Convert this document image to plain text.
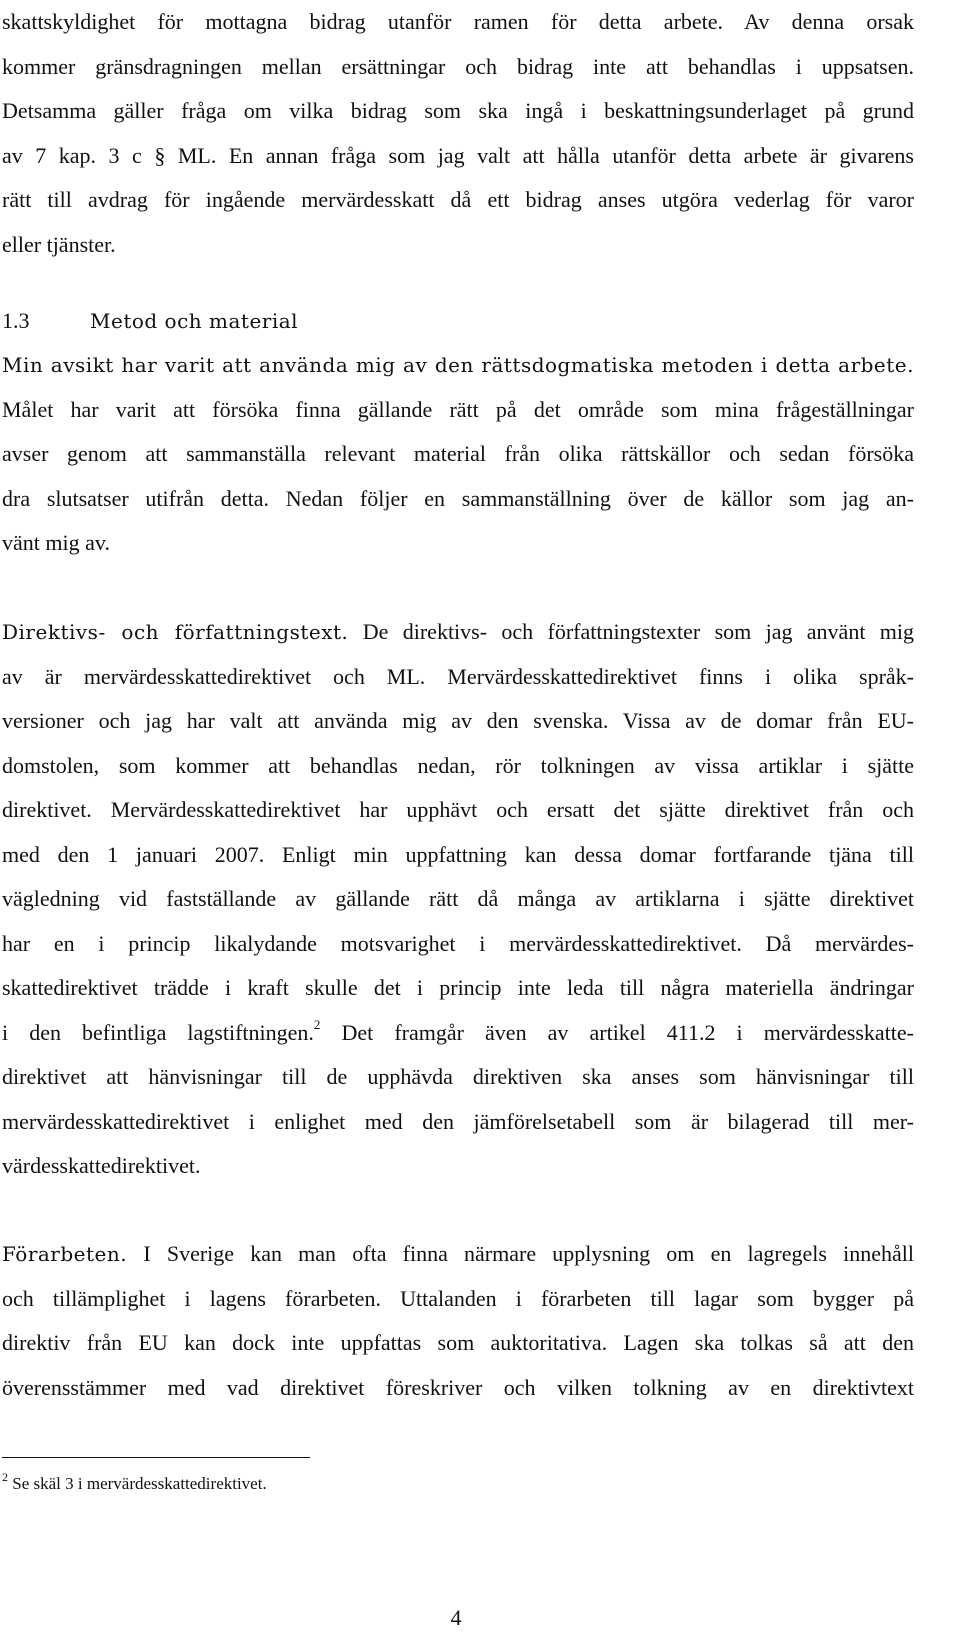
skattskyldighet för mottagna bidrag utanför ramen för detta arbete. Av denna orsak
kommer gränsdragningen mellan ersättningar och bidrag inte att behandlas i uppsatsen.
Detsamma gäller fråga om vilka bidrag som ska ingå i beskattningsunderlaget på grund
av 7 kap. 3 c § ML. En annan fråga som jag valt att hålla utanför detta arbete är givarens
rätt till avdrag för ingående mervärdesskatt då ett bidrag anses utgöra vederlag för varor
eller tjänster.
1.3	Metod och material
Min avsikt har varit att använda mig av den rättsdogmatiska metoden i detta arbete.
Målet har varit att försöka finna gällande rätt på det område som mina frågeställningar
avser genom att sammanställa relevant material från olika rättskällor och sedan försöka
dra slutsatser utifrån detta. Nedan följer en sammanställning över de källor som jag an-
vänt mig av.
Direktivs- och författningstext. De direktivs- och författningstexter som jag använt mig
av är mervärdesskattedirektivet och ML. Mervärdesskattedirektivet finns i olika språk-
versioner och jag har valt att använda mig av den svenska. Vissa av de domar från EU-
domstolen, som kommer att behandlas nedan, rör tolkningen av vissa artiklar i sjätte
direktivet. Mervärdesskattedirektivet har upphävt och ersatt det sjätte direktivet från och
med den 1 januari 2007. Enligt min uppfattning kan dessa domar fortfarande tjäna till
vägledning vid fastställande av gällande rätt då många av artiklarna i sjätte direktivet
har en i princip likalydande motsvarighet i mervärdesskattedirektivet. Då mervärdes-
skattedirektivet trädde i kraft skulle det i princip inte leda till några materiella ändringar
i den befintliga lagstiftningen.$^2$ Det framgår även av artikel 411.2 i mervärdesskatte-
direktivet att hänvisningar till de upphävda direktiven ska anses som hänvisningar till
mervärdesskattedirektivet i enlighet med den jämförelsetabell som är bilagerad till mer-
värdesskattedirektivet.
Förarbeten. I Sverige kan man ofta finna närmare upplysning om en lagregels innehåll
och tillämplighet i lagens förarbeten. Uttalanden i förarbeten till lagar som bygger på
direktiv från EU kan dock inte uppfattas som auktoritativa. Lagen ska tolkas så att den
överensstämmer med vad direktivet föreskriver och vilken tolkning av en direktivtext
$^2$ Se skäl 3 i mervärdesskattedirektivet.
4
